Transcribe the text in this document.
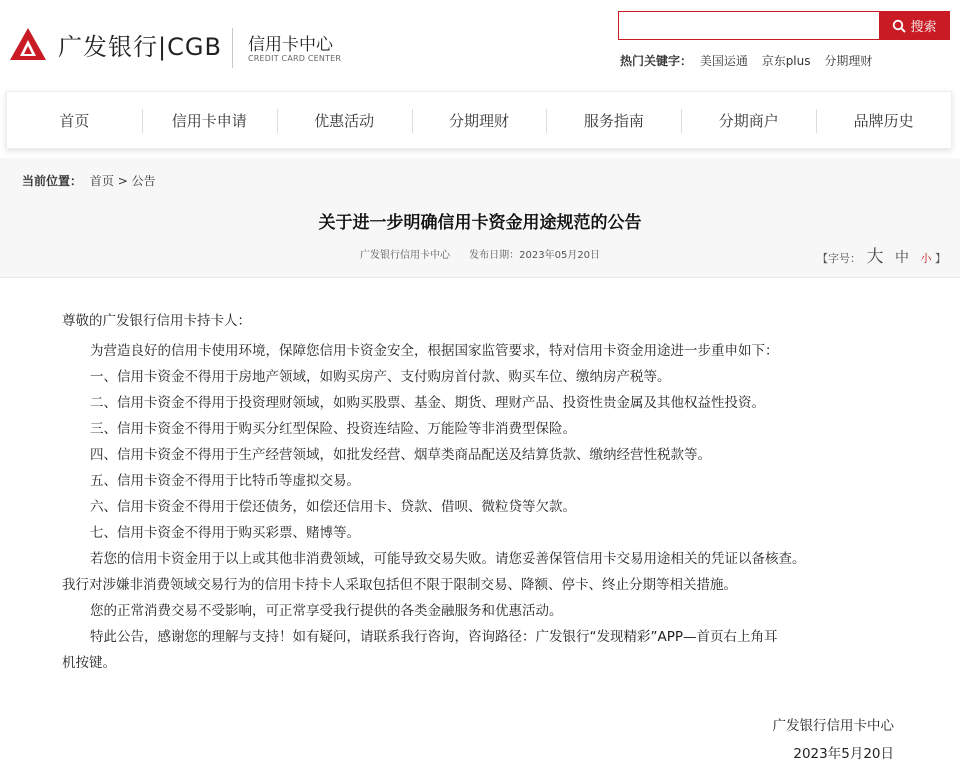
广发银行|CGB 信用卡中心
CREDIT CARD CENTER
搜索
热门关键字： 美国运通 京东plus 分期理财
首页	信用卡申请	优惠活动	分期理财	服务指南	分期商户	品牌历史
当前位置： 首页 > 公告
关于进一步明确信用卡资金用途规范的公告
广发银行信用卡中心 发布日期：2023年05月20日	【字号： 大 中 小 】

尊敬的广发银行信用卡持卡人：

为营造良好的信用卡使用环境，保障您信用卡资金安全，根据国家监管要求，特对信用卡资金用途进一步重申如下：

一、信用卡资金不得用于房地产领域，如购买房产、支付购房首付款、购买车位、缴纳房产税等。

二、信用卡资金不得用于投资理财领域，如购买股票、基金、期货、理财产品、投资性贵金属及其他权益性投资。

三、信用卡资金不得用于购买分红型保险、投资连结险、万能险等非消费型保险。

四、信用卡资金不得用于生产经营领域，如批发经营、烟草类商品配送及结算货款、缴纳经营性税款等。

五、信用卡资金不得用于比特币等虚拟交易。

六、信用卡资金不得用于偿还债务，如偿还信用卡、贷款、借呗、微粒贷等欠款。

七、信用卡资金不得用于购买彩票、赌博等。

若您的信用卡资金用于以上或其他非消费领域，可能导致交易失败。请您妥善保管信用卡交易用途相关的凭证以备核查。

我行对涉嫌非消费领域交易行为的信用卡持卡人采取包括但不限于限制交易、降额、停卡、终止分期等相关措施。

您的正常消费交易不受影响，可正常享受我行提供的各类金融服务和优惠活动。

特此公告，感谢您的理解与支持！如有疑问，请联系我行咨询，咨询路径：广发银行“发现精彩”APP—首页右上角耳

机按键。

广发银行信用卡中心
2023年5月20日
